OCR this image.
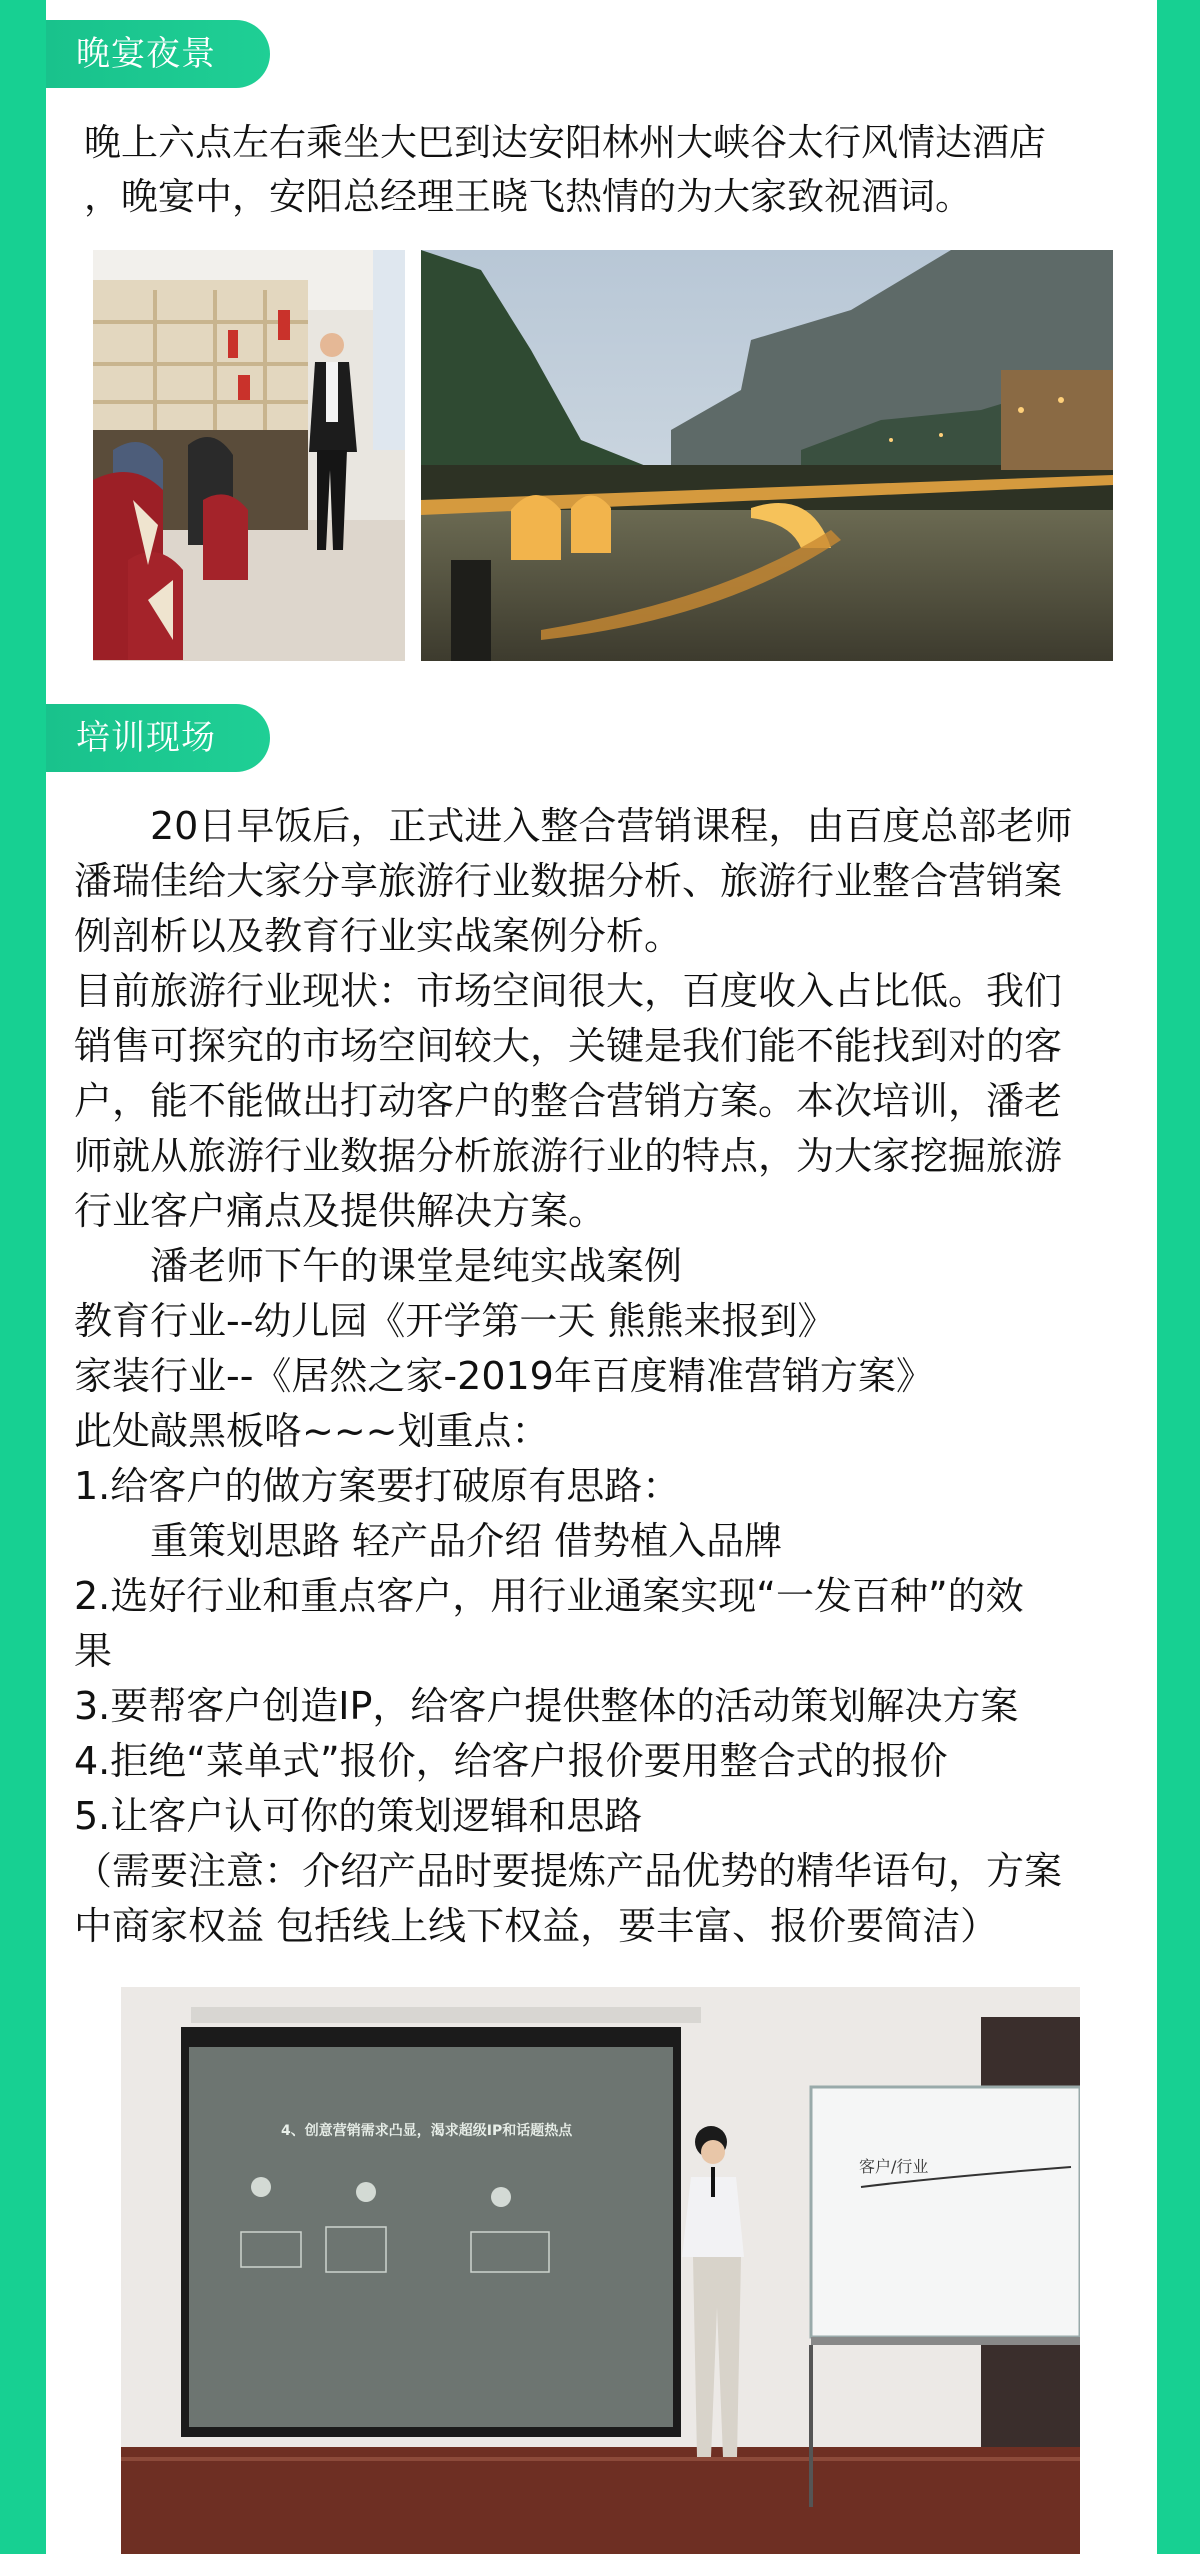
晚宴夜景
晚上六点左右乘坐大巴到达安阳林州大峡谷太行风情达酒店
，晚宴中，安阳总经理王晓飞热情的为大家致祝酒词。
培训现场
　　20日早饭后，正式进入整合营销课程，由百度总部老师
潘瑞佳给大家分享旅游行业数据分析、旅游行业整合营销案
例剖析以及教育行业实战案例分析。
目前旅游行业现状：市场空间很大，百度收入占比低。我们
销售可探究的市场空间较大，关键是我们能不能找到对的客
户，能不能做出打动客户的整合营销方案。本次培训，潘老
师就从旅游行业数据分析旅游行业的特点，为大家挖掘旅游
行业客户痛点及提供解决方案。
　　潘老师下午的课堂是纯实战案例
教育行业--幼儿园《开学第一天 熊熊来报到》
家装行业--《居然之家-2019年百度精准营销方案》
此处敲黑板咯~~~划重点：
1.给客户的做方案要打破原有思路：
　　重策划思路 轻产品介绍 借势植入品牌
2.选好行业和重点客户，用行业通案实现“一发百种”的效
果
3.要帮客户创造IP，给客户提供整体的活动策划解决方案
4.拒绝“菜单式”报价，给客户报价要用整合式的报价
5.让客户认可你的策划逻辑和思路
（需要注意：介绍产品时要提炼产品优势的精华语句，方案
中商家权益 包括线上线下权益，要丰富、报价要简洁）
客户/行业
4、创意营销需求凸显，渴求超级IP和话题热点
